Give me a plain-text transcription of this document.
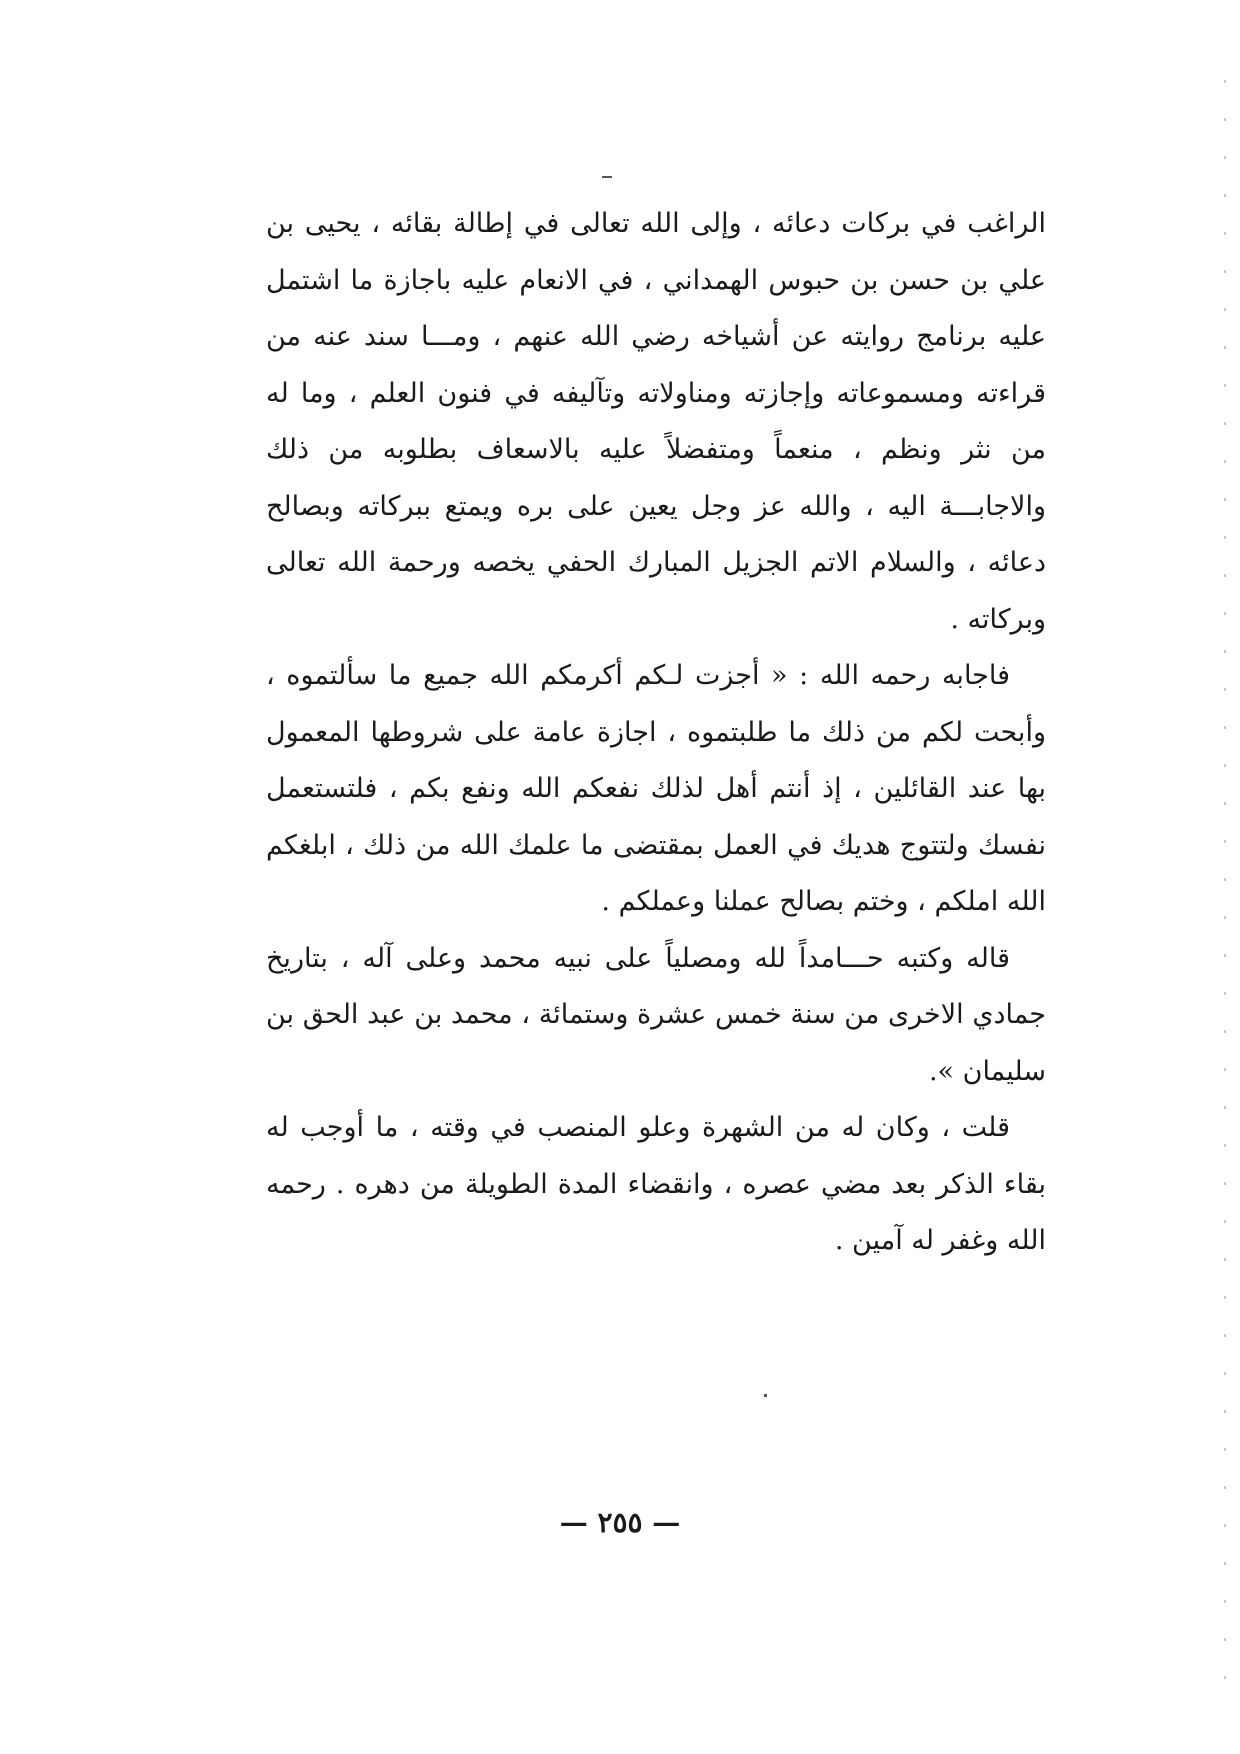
الراغب في بركات دعائه ، وإلى الله تعالى في إطالة بقائه ، يحيى بن علي بن حسن بن حبوس الهمداني ، في الانعام عليه باجازة ما اشتمل عليه برنامج روايته عن أشياخه رضي الله عنهم ، ومـــا سند عنه من قراءته ومسموعاته وإجازته ومناولاته وتآليفه في فنون العلم ، وما له من نثر ونظم ، منعماً ومتفضلاً عليه بالاسعاف بطلوبه من ذلك والاجابـــة اليه ، والله عز وجل يعين على بره ويمتع ببركاته وبصالح دعائه ، والسلام الاتم الجزيل المبارك الحفي يخصه ورحمة الله تعالى وبركاته .

فاجابه رحمه الله : « أجزت لـكم أكرمكم الله جميع ما سألتموه ، وأبحت لكم من ذلك ما طلبتموه ، اجازة عامة على شروطها المعمول بها عند القائلين ، إذ أنتم أهل لذلك نفعكم الله ونفع بكم ، فلتستعمل نفسك ولتتوج هديك في العمل بمقتضى ما علمك الله من ذلك ، ابلغكم الله املكم ، وختم بصالح عملنا وعملكم .

قاله وكتبه حـــامداً لله ومصلياً على نبيه محمد وعلى آله ، بتاريخ جمادي الاخرى من سنة خمس عشرة وستمائة ، محمد بن عبد الحق بن سليمان ».

قلت ، وكان له من الشهرة وعلو المنصب في وقته ، ما أوجب له بقاء الذكر بعد مضي عصره ، وانقضاء المدة الطويلة من دهره . رحمه الله وغفر له آمين .

— ٢٥٥ —
